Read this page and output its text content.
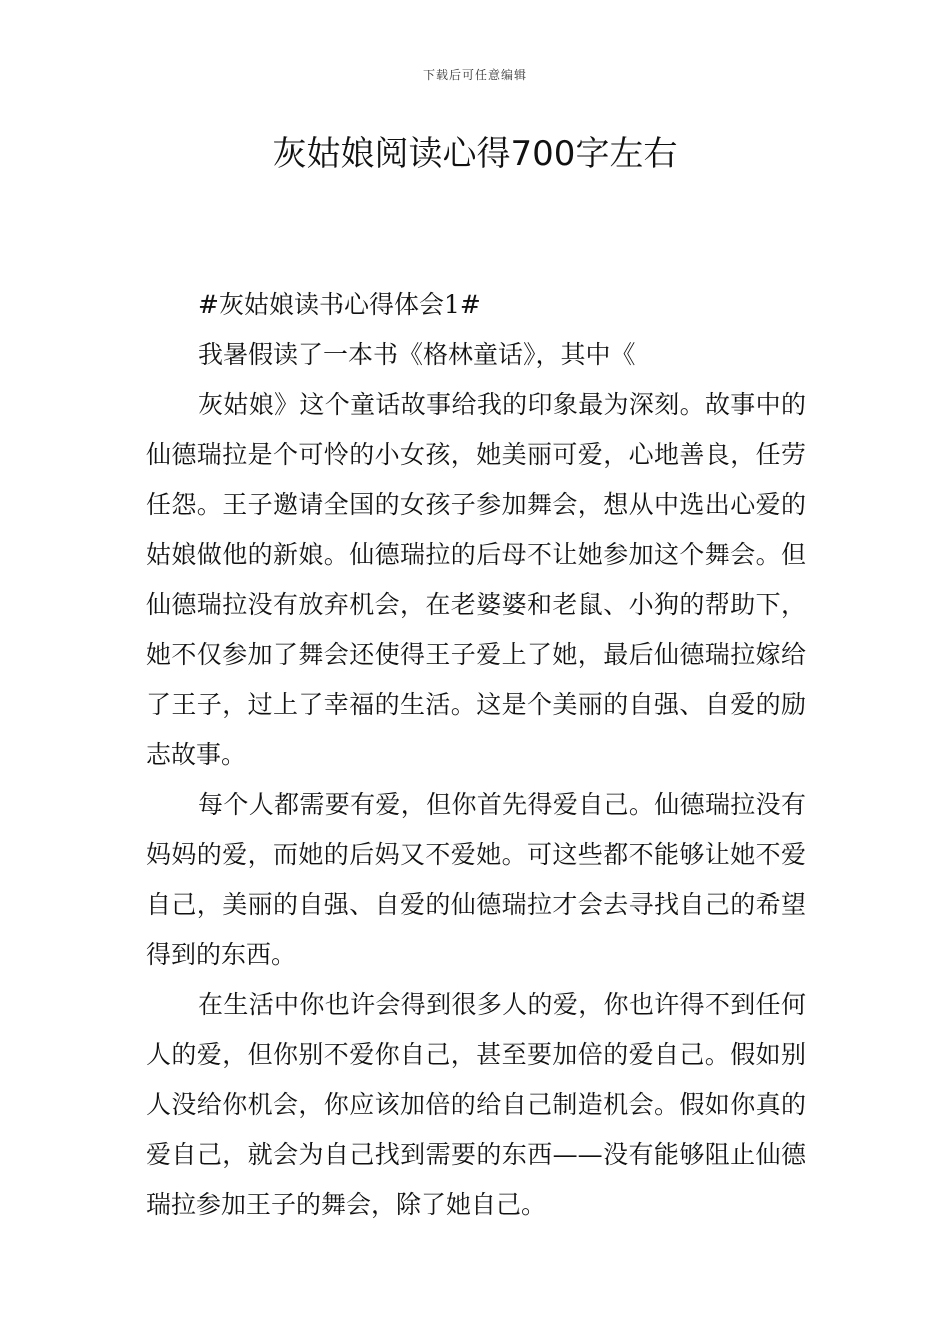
下载后可任意编辑
灰姑娘阅读心得700字左右

#灰姑娘读书心得体会1#

我暑假读了一本书《格林童话》，其中《

灰姑娘》这个童话故事给我的印象最为深刻。故事中的仙德瑞拉是个可怜的小女孩，她美丽可爱，心地善良，任劳任怨。王子邀请全国的女孩子参加舞会，想从中选出心爱的姑娘做他的新娘。仙德瑞拉的后母不让她参加这个舞会。但仙德瑞拉没有放弃机会，在老婆婆和老鼠、小狗的帮助下，她不仅参加了舞会还使得王子爱上了她，最后仙德瑞拉嫁给了王子，过上了幸福的生活。这是个美丽的自强、自爱的励志故事。

每个人都需要有爱，但你首先得爱自己。仙德瑞拉没有妈妈的爱，而她的后妈又不爱她。可这些都不能够让她不爱自己，美丽的自强、自爱的仙德瑞拉才会去寻找自己的希望得到的东西。

在生活中你也许会得到很多人的爱，你也许得不到任何人的爱，但你别不爱你自己，甚至要加倍的爱自己。假如别人没给你机会，你应该加倍的给自己制造机会。假如你真的爱自己，就会为自己找到需要的东西——没有能够阻止仙德瑞拉参加王子的舞会，除了她自己。
